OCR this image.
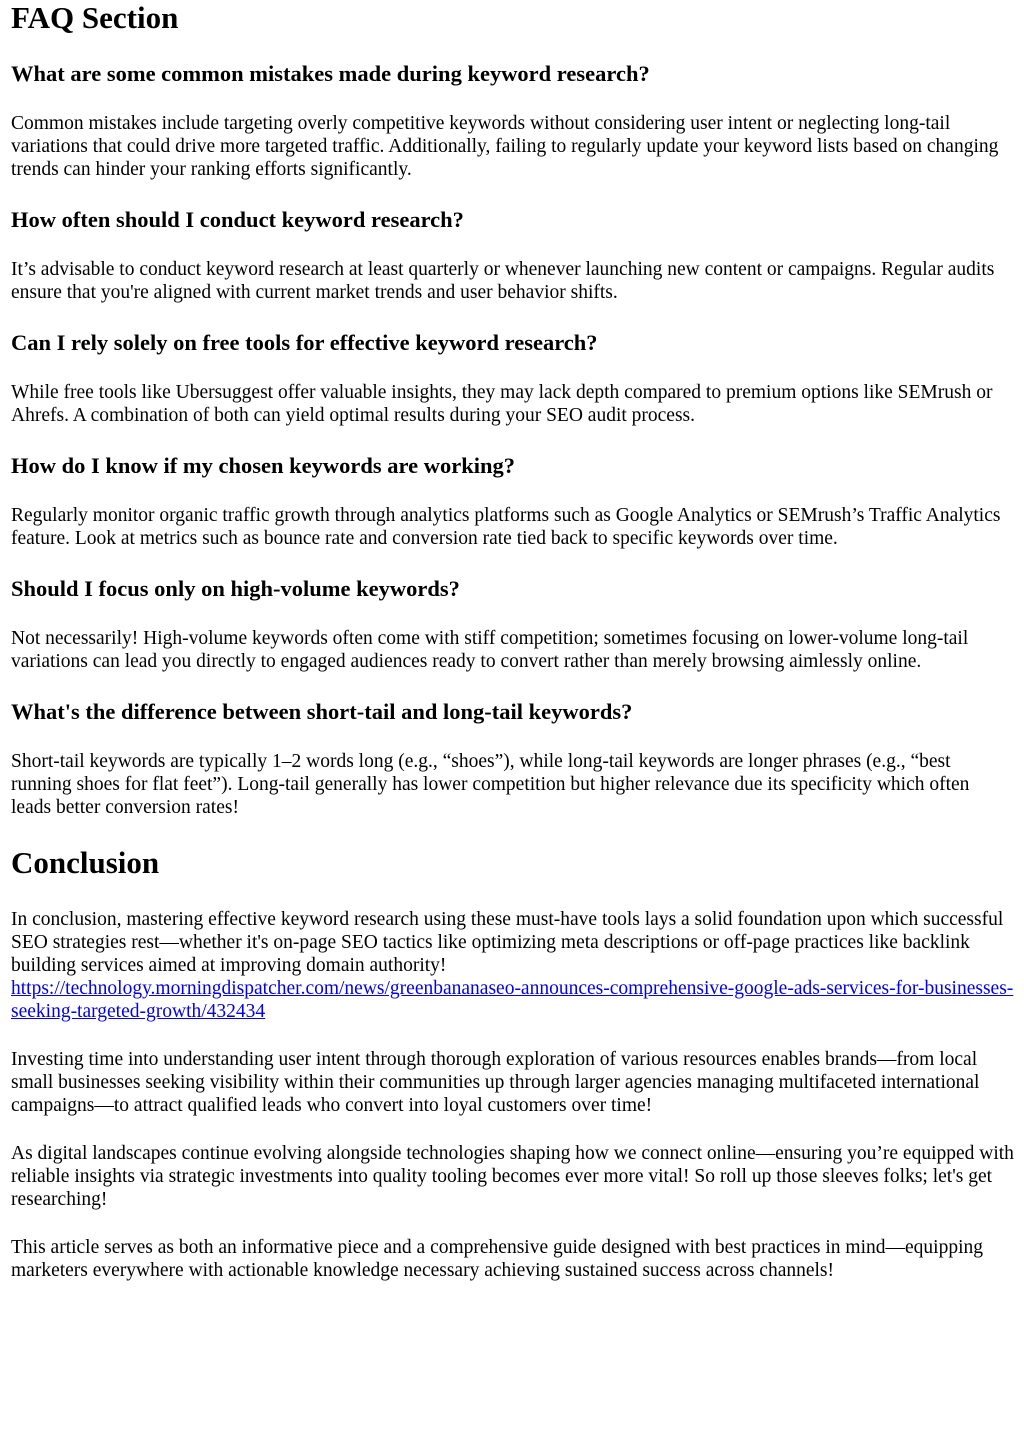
FAQ Section
What are some common mistakes made during keyword research?

Common mistakes include targeting overly competitive keywords without considering user intent or neglecting long-tail variations that could drive more targeted traffic. Additionally, failing to regularly update your keyword lists based on changing trends can hinder your ranking efforts significantly.

How often should I conduct keyword research?

It’s advisable to conduct keyword research at least quarterly or whenever launching new content or campaigns. Regular audits ensure that you're aligned with current market trends and user behavior shifts.

Can I rely solely on free tools for effective keyword research?

While free tools like Ubersuggest offer valuable insights, they may lack depth compared to premium options like SEMrush or Ahrefs. A combination of both can yield optimal results during your SEO audit process.

How do I know if my chosen keywords are working?

Regularly monitor organic traffic growth through analytics platforms such as Google Analytics or SEMrush’s Traffic Analytics feature. Look at metrics such as bounce rate and conversion rate tied back to specific keywords over time.

Should I focus only on high-volume keywords?

Not necessarily! High-volume keywords often come with stiff competition; sometimes focusing on lower-volume long-tail variations can lead you directly to engaged audiences ready to convert rather than merely browsing aimlessly online.

What's the difference between short-tail and long-tail keywords?

Short-tail keywords are typically 1–2 words long (e.g., “shoes”), while long-tail keywords are longer phrases (e.g., “best running shoes for flat feet”). Long-tail generally has lower competition but higher relevance due its specificity which often leads better conversion rates!

Conclusion

In conclusion, mastering effective keyword research using these must-have tools lays a solid foundation upon which successful SEO strategies rest—whether it's on-page SEO tactics like optimizing meta descriptions or off-page practices like backlink building services aimed at improving domain authority!
https://technology.morningdispatcher.com/news/greenbananaseo-announces-comprehensive-google-ads-services-for-businesses-seeking-targeted-growth/432434

Investing time into understanding user intent through thorough exploration of various resources enables brands—from local small businesses seeking visibility within their communities up through larger agencies managing multifaceted international campaigns—to attract qualified leads who convert into loyal customers over time!

As digital landscapes continue evolving alongside technologies shaping how we connect online—ensuring you’re equipped with reliable insights via strategic investments into quality tooling becomes ever more vital! So roll up those sleeves folks; let's get researching!

This article serves as both an informative piece and a comprehensive guide designed with best practices in mind—equipping marketers everywhere with actionable knowledge necessary achieving sustained success across channels!
